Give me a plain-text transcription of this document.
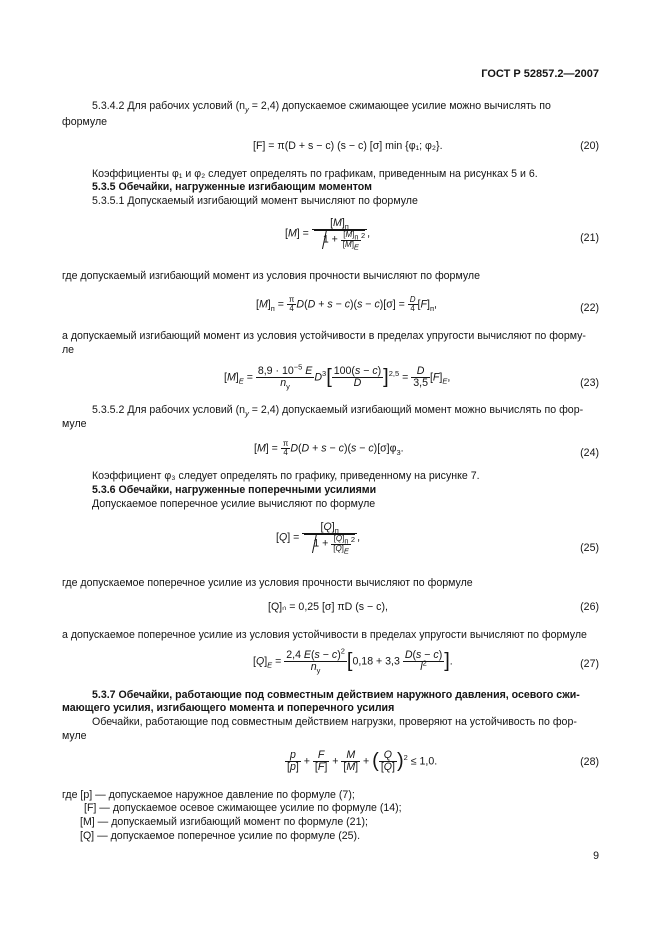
ГОСТ Р 52857.2—2007
5.3.4.2 Для рабочих условий $(n_y = 2,4)$ допускаемое сжимающее усилие можно вычислять по
формуле
[F] = π(D + s − c) (s − c) [σ] min {φ₁; φ₂}.	(20)
Коэффициенты φ₁ и φ₂ следует определять по графикам, приведенным на рисунках 5 и 6.
5.3.5 Обечайки, нагруженные изгибающим моментом
5.3.5.1 Допускаемый изгибающий момент вычисляют по формуле
$[M] = \frac{[M]_п}{1 + \frac{[M]_п}{[M]_E} ^2}$ ,	(21)
где допускаемый изгибающий момент из условия прочности вычисляют по формуле
$[M]_п = \frac{\pi}{4} D(D + s - c)(s - c)[\sigma] = \frac{D}{4} [F]_п$,	(22)
а допускаемый изгибающий момент из условия устойчивости в пределах упругости вычисляют по форму-
ле
$[M]_E = \frac{8,9 \cdot 10^{-5} E}{n_y} D^3[ \frac{100(s - c)}{D} ]^{2,5} = \frac{D}{3,5} [F]_E$,	(23)
5.3.5.2 Для рабочих условий $(n_y = 2,4)$ допускаемый изгибающий момент можно вычислять по фор-
муле
$[M] = \frac{\pi}{4} D(D + s - c)(s - c)[\sigma]\varphi_3$.	(24)
Коэффициент φ₃ следует определять по графику, приведенному на рисунке 7.
5.3.6 Обечайки, нагруженные поперечными усилиями
Допускаемое поперечное усилие вычисляют по формуле
$[Q] = \frac{[Q]_п}{1 + \frac{[Q]_п}{[Q]_E} ^2}$ ,
(25)
где допускаемое поперечное усилие из условия прочности вычисляют по формуле
[Q]ₙ = 0,25 [σ] πD (s − c),	(26)
а допускаемое поперечное усилие из условия устойчивости в пределах упругости вычисляют по формуле
$[Q]_E = \frac{2,4 E(s - c)^2}{n_y} [0,18 + 3,3 \frac{D(s - c)}{l^2}$ ].	(27)
5.3.7 Обечайки, работающие под совместным действием наружного давления, осевого сжи-
мающего усилия, изгибающего момента и поперечного усилия
Обечайки, работающие под совместным действием нагрузки, проверяют на устойчивость по фор-
муле
$\frac{p}{[p]} + \frac{F}{[F]} + \frac{M}{[M]}$ + ( $\frac{Q}{[Q]} )^2 \le 1,0$.	(28)
где [p] — допускаемое наружное давление по формуле (7);
[F] — допускаемое осевое сжимающее усилие по формуле (14);
[M] — допускаемый изгибающий момент по формуле (21);
[Q] — допускаемое поперечное усилие по формуле (25).
9
